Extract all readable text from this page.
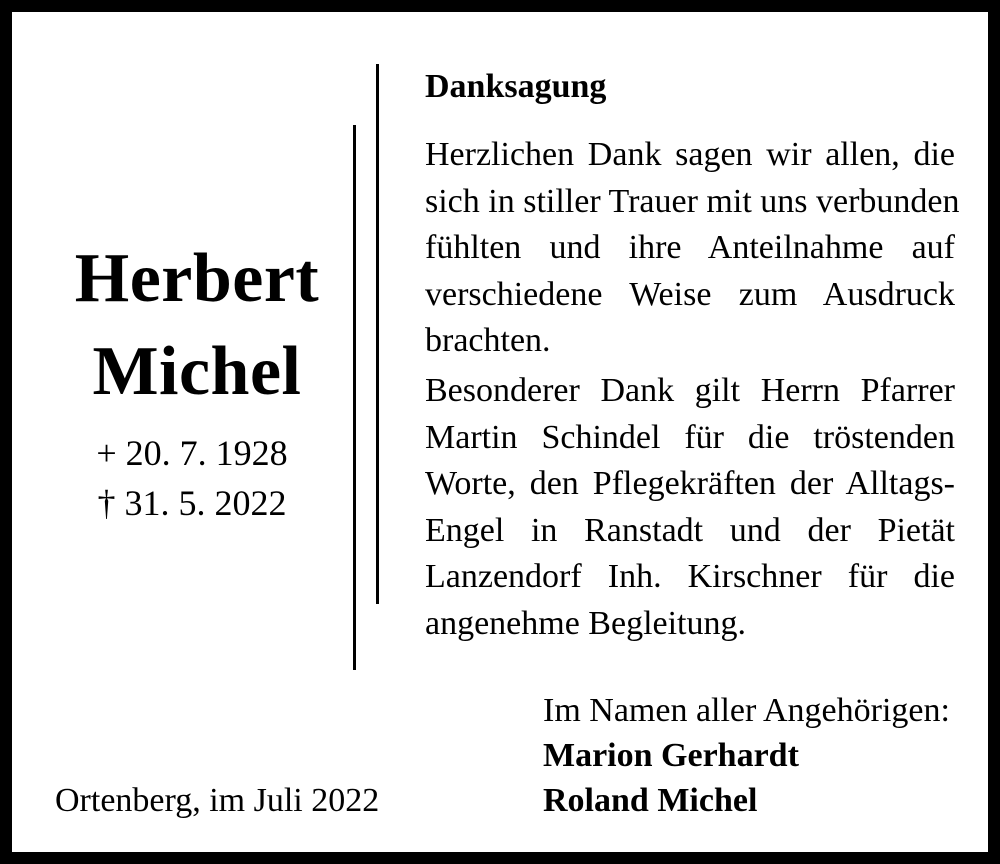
Herbert
Michel
+ 20. 7. 1928
† 31. 5. 2022
Danksagung
Herzlichen Dank sagen wir allen, die
sich in stiller Trauer mit uns verbunden
fühlten und ihre Anteilnahme auf
verschiedene Weise zum Ausdruck
brachten.
Besonderer Dank gilt Herrn Pfarrer
Martin Schindel für die tröstenden
Worte, den Pflegekräften der Alltags-
Engel in Ranstadt und der Pietät
Lanzendorf Inh. Kirschner für die
angenehme Begleitung.
Im Namen aller Angehörigen:
Marion Gerhardt
Roland Michel
Ortenberg, im Juli 2022
